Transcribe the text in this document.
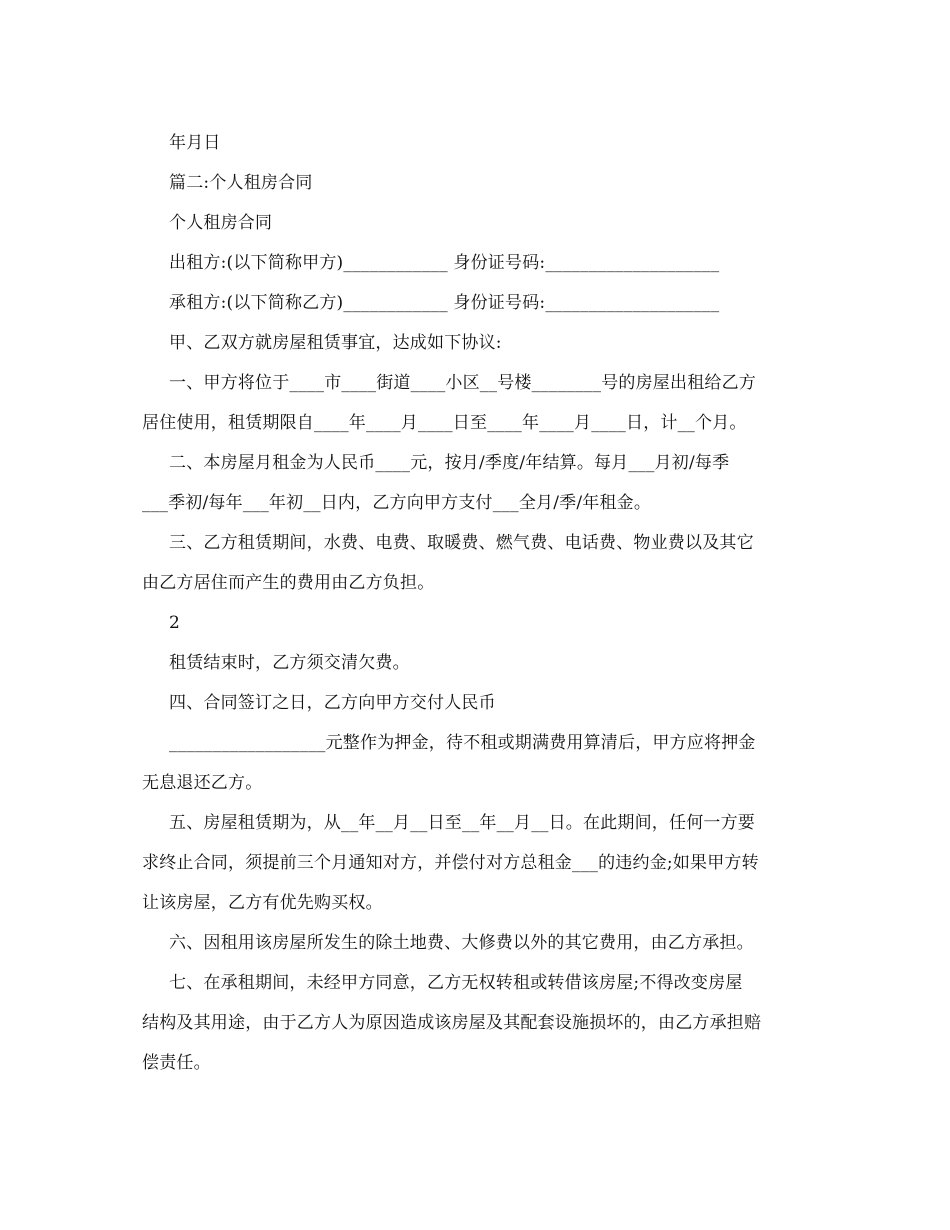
年月日
篇二:个人租房合同
个人租房合同
出租方:(以下简称甲方)____________ 身份证号码:____________________
承租方:(以下简称乙方)____________ 身份证号码:____________________
甲、乙双方就房屋租赁事宜，达成如下协议:
一、甲方将位于____市____街道____小区__号楼________号的房屋出租给乙方
居住使用，租赁期限自____年____月____日至____年____月____日，计__个月。
二、本房屋月租金为人民币____元，按月/季度/年结算。每月___月初/每季
___季初/每年___年初__日内，乙方向甲方支付___全月/季/年租金。
三、乙方租赁期间，水费、电费、取暖费、燃气费、电话费、物业费以及其它
由乙方居住而产生的费用由乙方负担。
2
租赁结束时，乙方须交清欠费。
四、合同签订之日，乙方向甲方交付人民币
__________________元整作为押金，待不租或期满费用算清后，甲方应将押金
无息退还乙方。
五、房屋租赁期为，从__年__月__日至__年__月__日。在此期间，任何一方要
求终止合同，须提前三个月通知对方，并偿付对方总租金___的违约金;如果甲方转
让该房屋，乙方有优先购买权。
六、因租用该房屋所发生的除土地费、大修费以外的其它费用，由乙方承担。
七、在承租期间，未经甲方同意，乙方无权转租或转借该房屋;不得改变房屋
结构及其用途，由于乙方人为原因造成该房屋及其配套设施损坏的，由乙方承担赔
偿责任。
